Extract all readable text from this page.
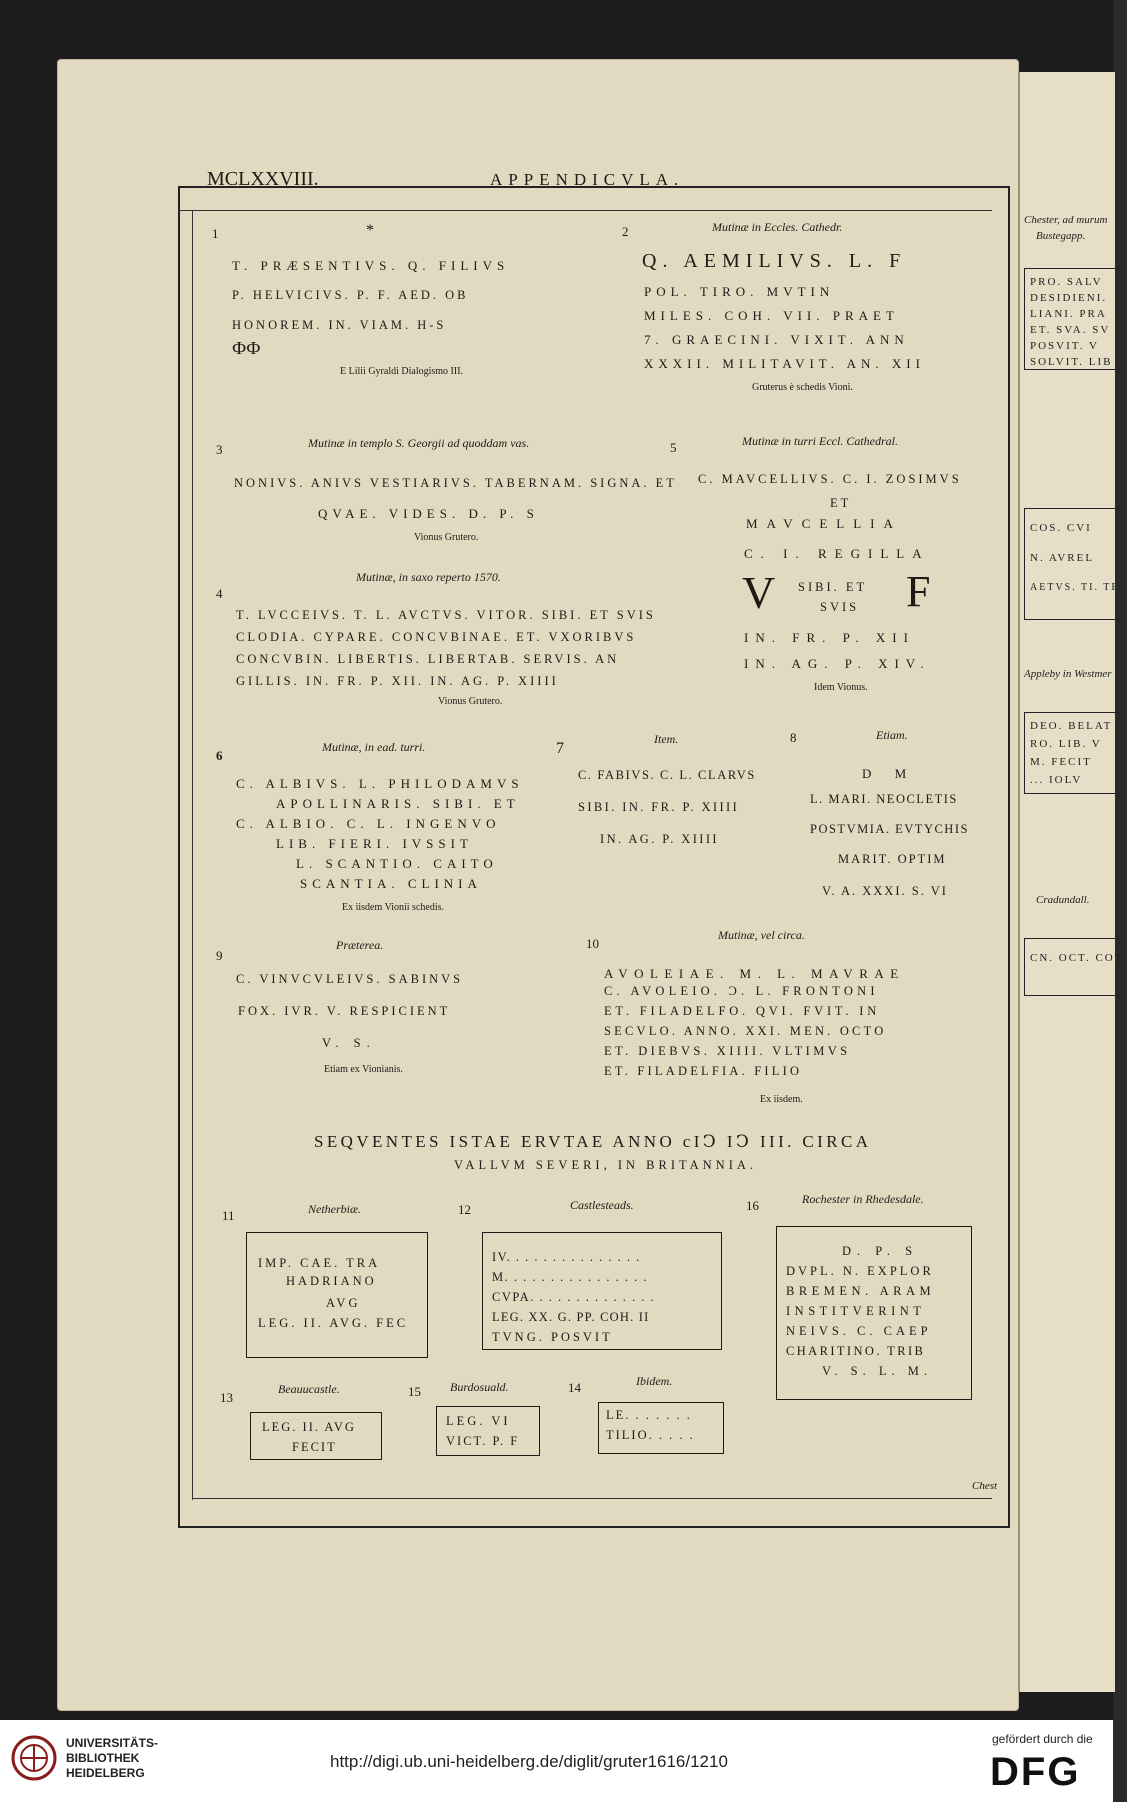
Chester, ad murum
Bustegapp.
PRO. SALV
DESIDIENI.
LIANI. PRA
ET. SVA. SV
POSVIT. V
SOLVIT. LIB
COS. CVI
N. AVREL
AETVS. TI. TE.
Appleby in Westmer
DEO. BELAT
RO. LIB. V
M. FECIT
... IOLV
Cradundall.
CN. OCT. COT.
MCLXXVIII.	APPENDICVLA.
1	*
T. PRÆSENTIVS. Q. FILIVS
P. HELVICIVS. P. F. AED. OB
HONOREM. IN. VIAM. H-S
ФФ
E Lilii Gyraldi Dialogismo III.
2	Mutinæ in Eccles. Cathedr.
Q. AEMILIVS. L. F
POL. TIRO. MVTIN
MILES. COH. VII. PRAET
7. GRAECINI. VIXIT. ANN
XXXII. MILITAVIT. AN. XII
Gruterus è schedis Vioni.
3	Mutinæ in templo S. Georgii ad quoddam vas.
NONIVS. ANIVS VESTIARIVS. TABERNAM. SIGNA. ET
QVAE. VIDES. D. P. S
Vionus Grutero.
5	Mutinæ in turri Eccl. Cathedral.
C. MAVCELLIVS. C. I. ZOSIMVS
ET
MAVCELLIA
C. I. REGILLA
V SIBI. ET
SVIS F
IN. FR. P. XII
IN. AG. P. XIV.
Idem Vionus.
4
Mutinæ, in saxo reperto 1570.
T. LVCCEIVS. T. L. AVCTVS. VITOR. SIBI. ET SVIS
CLODIA. CYPARE. CONCVBINAE. ET. VXORIBVS
CONCVBIN. LIBERTIS. LIBERTAB. SERVIS. AN
GILLIS. IN. FR. P. XII. IN. AG. P. XIIII
Vionus Grutero.
6
Mutinæ, in ead. turri.
C. ALBIVS. L. PHILODAMVS
APOLLINARIS. SIBI. ET
C. ALBIO. C. L. INGENVO
LIB. FIERI. IVSSIT
L. SCANTIO. CAITO
SCANTIA. CLINIA
Ex iisdem Vionii schedis.
7
Item.
C. FABIVS. C. L. CLARVS
SIBI. IN. FR. P. XIIII
IN. AG. P. XIIII
8	Etiam.
D M
L. MARI. NEOCLETIS
POSTVMIA. EVTYCHIS
MARIT. OPTIM
V. A. XXXI. S. VI
9
Præterea.
C. VINVCVLEIVS. SABINVS
FOX. IVR. V. RESPICIENT
V. S.
Etiam ex Vionianis.
10
Mutinæ, vel circa.
AVOLEIAE. M. L. MAVRAE
C. AVOLEIO. Ɔ. L. FRONTONI
ET. FILADELFO. QVI. FVIT. IN
SECVLO. ANNO. XXI. MEN. OCTO
ET. DIEBVS. XIIII. VLTIMVS
ET. FILADELFIA. FILIO
Ex iisdem.
SEQVENTES ISTAE ERVTAE ANNO cIↃ IↃ III. CIRCA
VALLVM SEVERI, IN BRITANNIA.
11	Netherbiæ.
IMP. CAE. TRA
HADRIANO
AVG
LEG. II. AVG. FEC
12	Castlesteads.
IV. . . . . . . . . . . . . . .
M. . . . . . . . . . . . . . . .
CVPA. . . . . . . . . . . . . .
LEG. XX. G. PP. COH. II
TVNG. POSVIT
16	Rochester in Rhedesdale.
D. P. S
DVPL. N. EXPLOR
BREMEN. ARAM
INSTITVERINT
NEIVS. C. CAEP
CHARITINO. TRIB
V. S. L. M.
13
Beauucastle.
LEG. II. AVG
FECIT
15 Burdosuald.
LEG. VI
VICT. P. F
14	Ibidem.
LE. . . . . . .
TILIO. . . . .
Chest
UNIVERSITÄTS-
BIBLIOTHEK
HEIDELBERG
http://digi.ub.uni-heidelberg.de/diglit/gruter1616/1210
gefördert durch die
DFG
